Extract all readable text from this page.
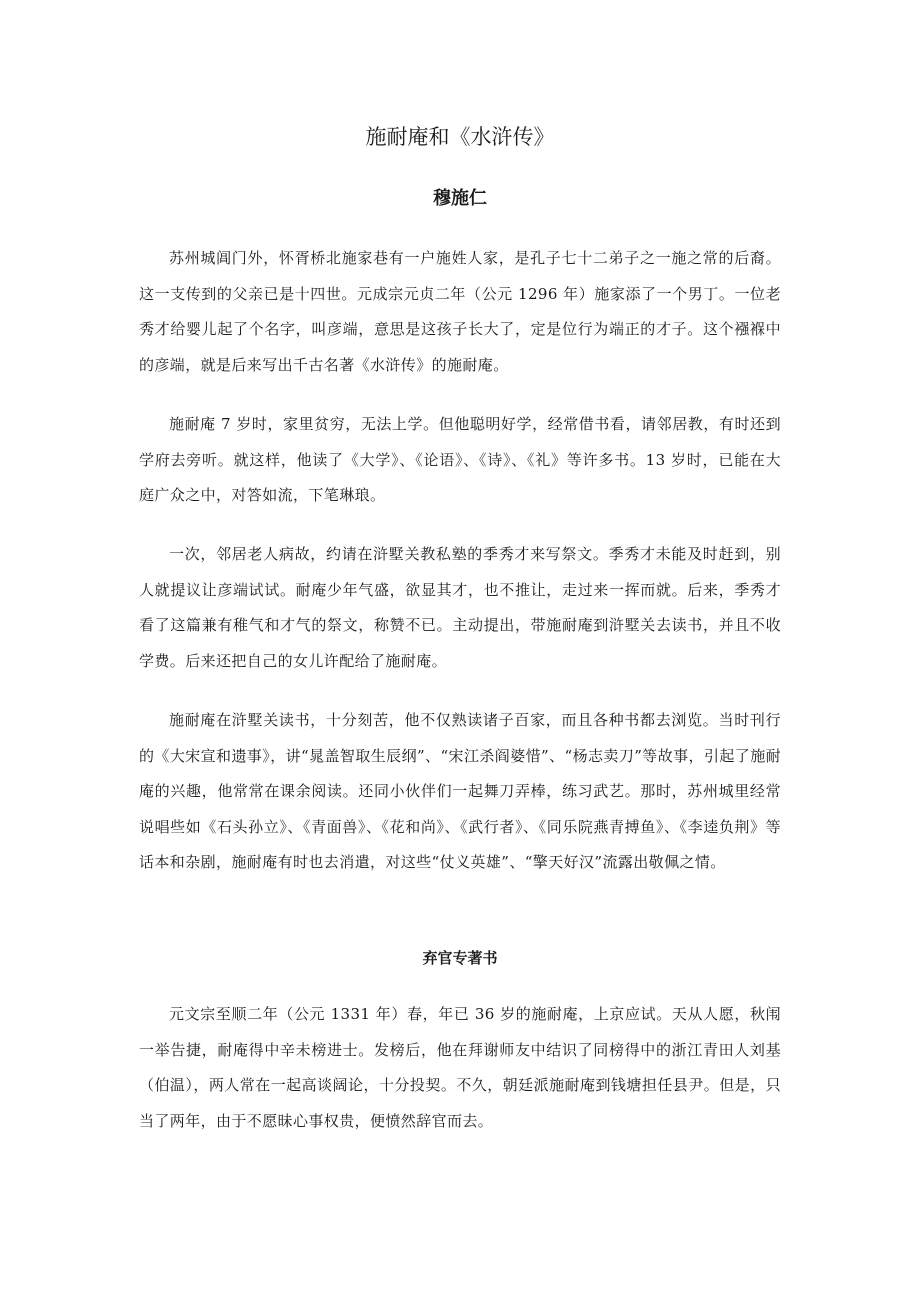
施耐庵和《水浒传》
穆施仁

苏州城阊门外，怀胥桥北施家巷有一户施姓人家，是孔子七十二弟子之一施之常的后裔。这一支传到的父亲已是十四世。元成宗元贞二年（公元 1296 年）施家添了一个男丁。一位老秀才给婴儿起了个名字，叫彦端，意思是这孩子长大了，定是位行为端正的才子。这个襁褓中的彦端，就是后来写出千古名著《水浒传》的施耐庵。

施耐庵 7 岁时，家里贫穷，无法上学。但他聪明好学，经常借书看，请邻居教，有时还到学府去旁听。就这样，他读了《大学》、《论语》、《诗》、《礼》等许多书。13 岁时，已能在大庭广众之中，对答如流，下笔琳琅。

一次，邻居老人病故，约请在浒墅关教私塾的季秀才来写祭文。季秀才未能及时赶到，别人就提议让彦端试试。耐庵少年气盛，欲显其才，也不推让，走过来一挥而就。后来，季秀才看了这篇兼有稚气和才气的祭文，称赞不已。主动提出，带施耐庵到浒墅关去读书，并且不收学费。后来还把自己的女儿许配给了施耐庵。

施耐庵在浒墅关读书，十分刻苦，他不仅熟读诸子百家，而且各种书都去浏览。当时刊行的《大宋宣和遗事》，讲“晁盖智取生辰纲”、“宋江杀阎婆惜”、“杨志卖刀”等故事，引起了施耐庵的兴趣，他常常在课余阅读。还同小伙伴们一起舞刀弄棒，练习武艺。那时，苏州城里经常说唱些如《石头孙立》、《青面兽》、《花和尚》、《武行者》、《同乐院燕青搏鱼》、《李逵负荆》等话本和杂剧，施耐庵有时也去消遣，对这些“仗义英雄”、“擎天好汉”流露出敬佩之情。

弃官专著书

元文宗至顺二年（公元 1331 年）春，年已 36 岁的施耐庵，上京应试。天从人愿，秋闱一举告捷，耐庵得中辛未榜进士。发榜后，他在拜谢师友中结识了同榜得中的浙江青田人刘基（伯温），两人常在一起高谈阔论，十分投契。不久，朝廷派施耐庵到钱塘担任县尹。但是，只当了两年，由于不愿昧心事权贵，便愤然辞官而去。
